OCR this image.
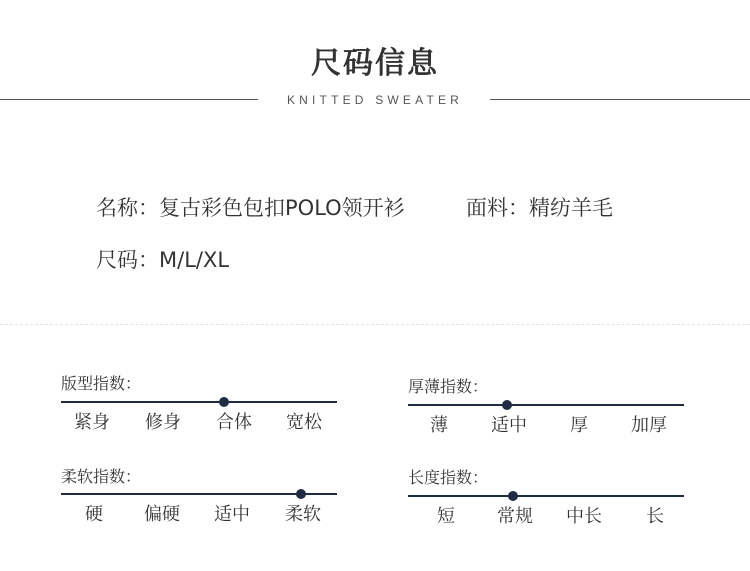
尺码信息
KNITTED SWEATER
名称：复古彩色包扣POLO领开衫	面料：精纺羊毛
尺码：M/L/XL
版型指数：
紧身 修身 合体 宽松
厚薄指数：
薄 适中 厚 加厚
柔软指数：
硬 偏硬 适中 柔软
长度指数：
短 常规 中长 长
